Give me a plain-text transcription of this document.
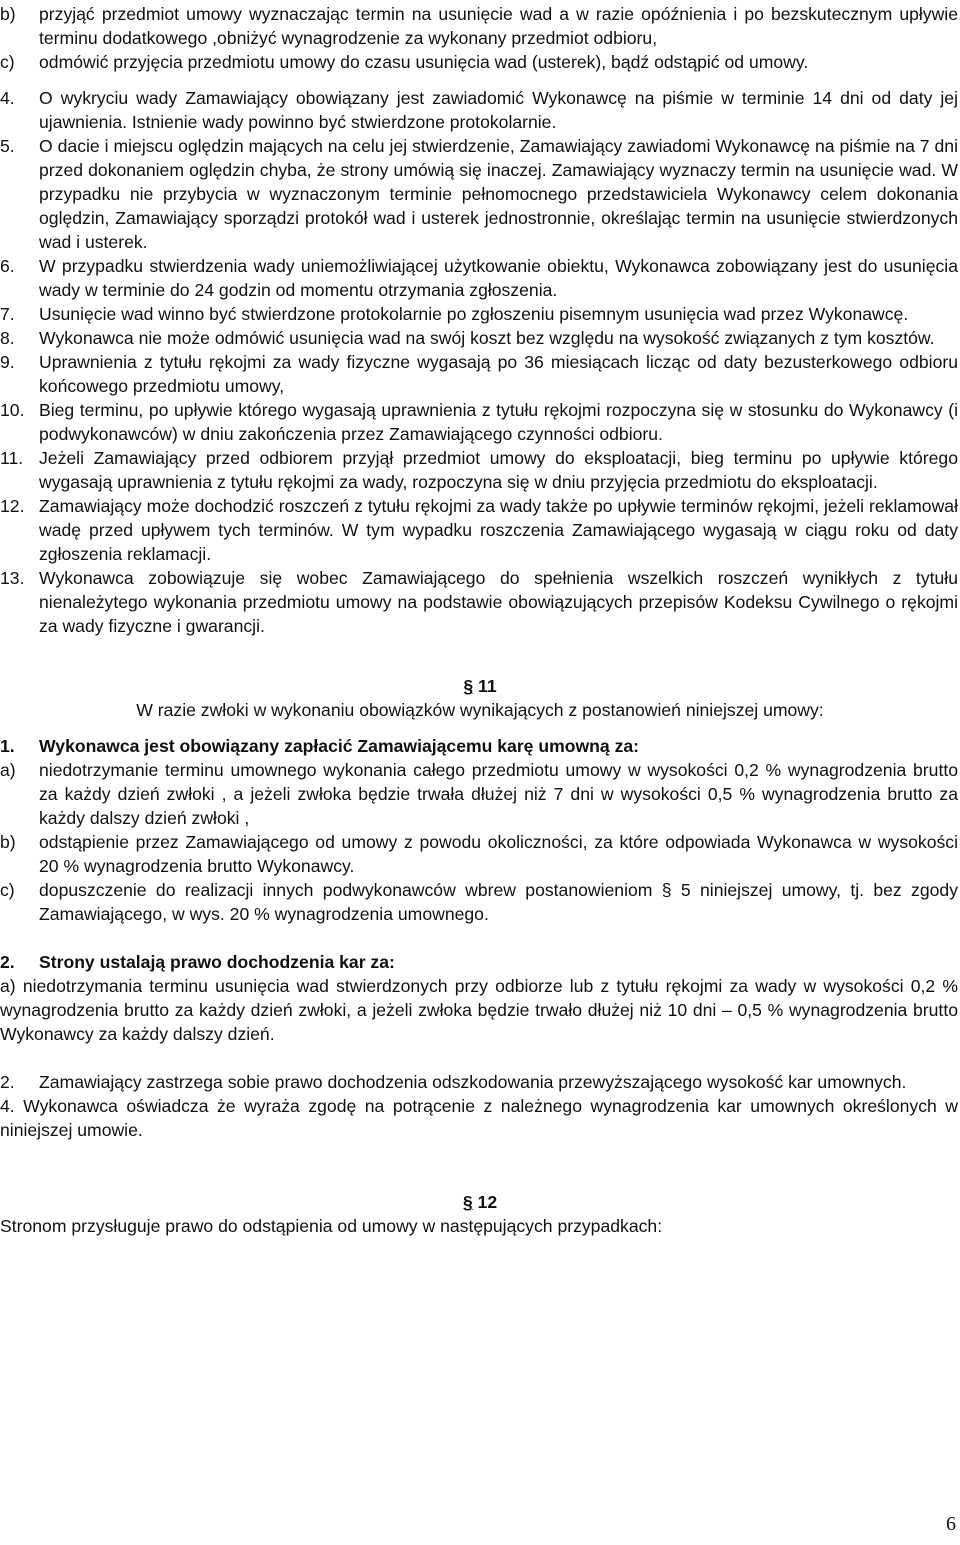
b)	przyjąć przedmiot umowy wyznaczając termin na usunięcie wad a w razie opóźnienia i po bezskutecznym upływie terminu dodatkowego ,obniżyć wynagrodzenie za wykonany przedmiot odbioru,
c)	odmówić przyjęcia przedmiotu umowy do czasu usunięcia wad (usterek), bądź odstąpić od umowy.
4.	O wykryciu wady Zamawiający obowiązany jest zawiadomić Wykonawcę na piśmie w terminie 14 dni od daty jej ujawnienia. Istnienie wady powinno być stwierdzone protokolarnie.
5.	O dacie i miejscu oględzin mających na celu jej stwierdzenie, Zamawiający zawiadomi Wykonawcę na piśmie na 7 dni przed dokonaniem oględzin chyba, że strony umówią się inaczej. Zamawiający wyznaczy termin na usunięcie wad. W przypadku nie przybycia w wyznaczonym terminie pełnomocnego przedstawiciela Wykonawcy celem dokonania oględzin, Zamawiający sporządzi protokół wad i usterek jednostronnie, określając termin na usunięcie stwierdzonych wad i usterek.
6.	W przypadku stwierdzenia wady uniemożliwiającej użytkowanie obiektu, Wykonawca zobowiązany jest do usunięcia wady w terminie do 24 godzin od momentu otrzymania zgłoszenia.
7.	Usunięcie wad winno być stwierdzone protokolarnie po zgłoszeniu pisemnym usunięcia wad przez Wykonawcę.
8.	Wykonawca nie może odmówić usunięcia wad na swój koszt bez względu na wysokość związanych z tym kosztów.
9.	Uprawnienia z tytułu rękojmi za wady fizyczne wygasają po 36 miesiącach licząc od daty bezusterkowego odbioru końcowego przedmiotu umowy,
10. Bieg terminu, po upływie którego wygasają uprawnienia z tytułu rękojmi rozpoczyna się w stosunku do Wykonawcy (i podwykonawców) w dniu zakończenia przez Zamawiającego czynności odbioru.
11. Jeżeli Zamawiający przed odbiorem przyjął przedmiot umowy do eksploatacji, bieg terminu po upływie którego wygasają uprawnienia z tytułu rękojmi za wady, rozpoczyna się w dniu przyjęcia przedmiotu do eksploatacji.
12. Zamawiający może dochodzić roszczeń z tytułu rękojmi za wady także po upływie terminów rękojmi, jeżeli reklamował wadę przed upływem tych terminów. W tym wypadku roszczenia Zamawiającego wygasają w ciągu roku od daty zgłoszenia reklamacji.
13. Wykonawca zobowiązuje się wobec Zamawiającego do spełnienia wszelkich roszczeń wynikłych z tytułu nienależytego wykonania przedmiotu umowy na podstawie obowiązujących przepisów Kodeksu Cywilnego o rękojmi za wady fizyczne i gwarancji.
§ 11
W razie zwłoki w wykonaniu obowiązków wynikających z postanowień niniejszej umowy:
1.	Wykonawca jest obowiązany zapłacić Zamawiającemu karę umowną za:
a)	niedotrzymanie terminu umownego wykonania całego przedmiotu umowy w wysokości 0,2 % wynagrodzenia brutto za każdy dzień zwłoki , a jeżeli zwłoka będzie trwała dłużej niż 7 dni w wysokości 0,5 % wynagrodzenia brutto za każdy dalszy dzień zwłoki ,
b)	odstąpienie przez Zamawiającego od umowy z powodu okoliczności, za które odpowiada Wykonawca w wysokości 20 % wynagrodzenia brutto Wykonawcy.
c)	dopuszczenie do realizacji innych podwykonawców wbrew postanowieniom § 5 niniejszej umowy, tj. bez zgody Zamawiającego, w wys. 20 % wynagrodzenia umownego.
2.	Strony ustalają prawo dochodzenia kar za:
a) niedotrzymania terminu usunięcia wad stwierdzonych przy odbiorze lub z tytułu rękojmi za wady w wysokości 0,2 % wynagrodzenia brutto za każdy dzień zwłoki, a jeżeli zwłoka będzie trwało dłużej niż 10 dni – 0,5 % wynagrodzenia brutto Wykonawcy za każdy dalszy dzień.
2.	Zamawiający zastrzega sobie prawo dochodzenia odszkodowania przewyższającego wysokość kar umownych.
4. Wykonawca oświadcza że wyraża zgodę na potrącenie z należnego wynagrodzenia kar umownych określonych w niniejszej umowie.
§ 12
Stronom przysługuje prawo do odstąpienia od umowy w następujących przypadkach:
6
